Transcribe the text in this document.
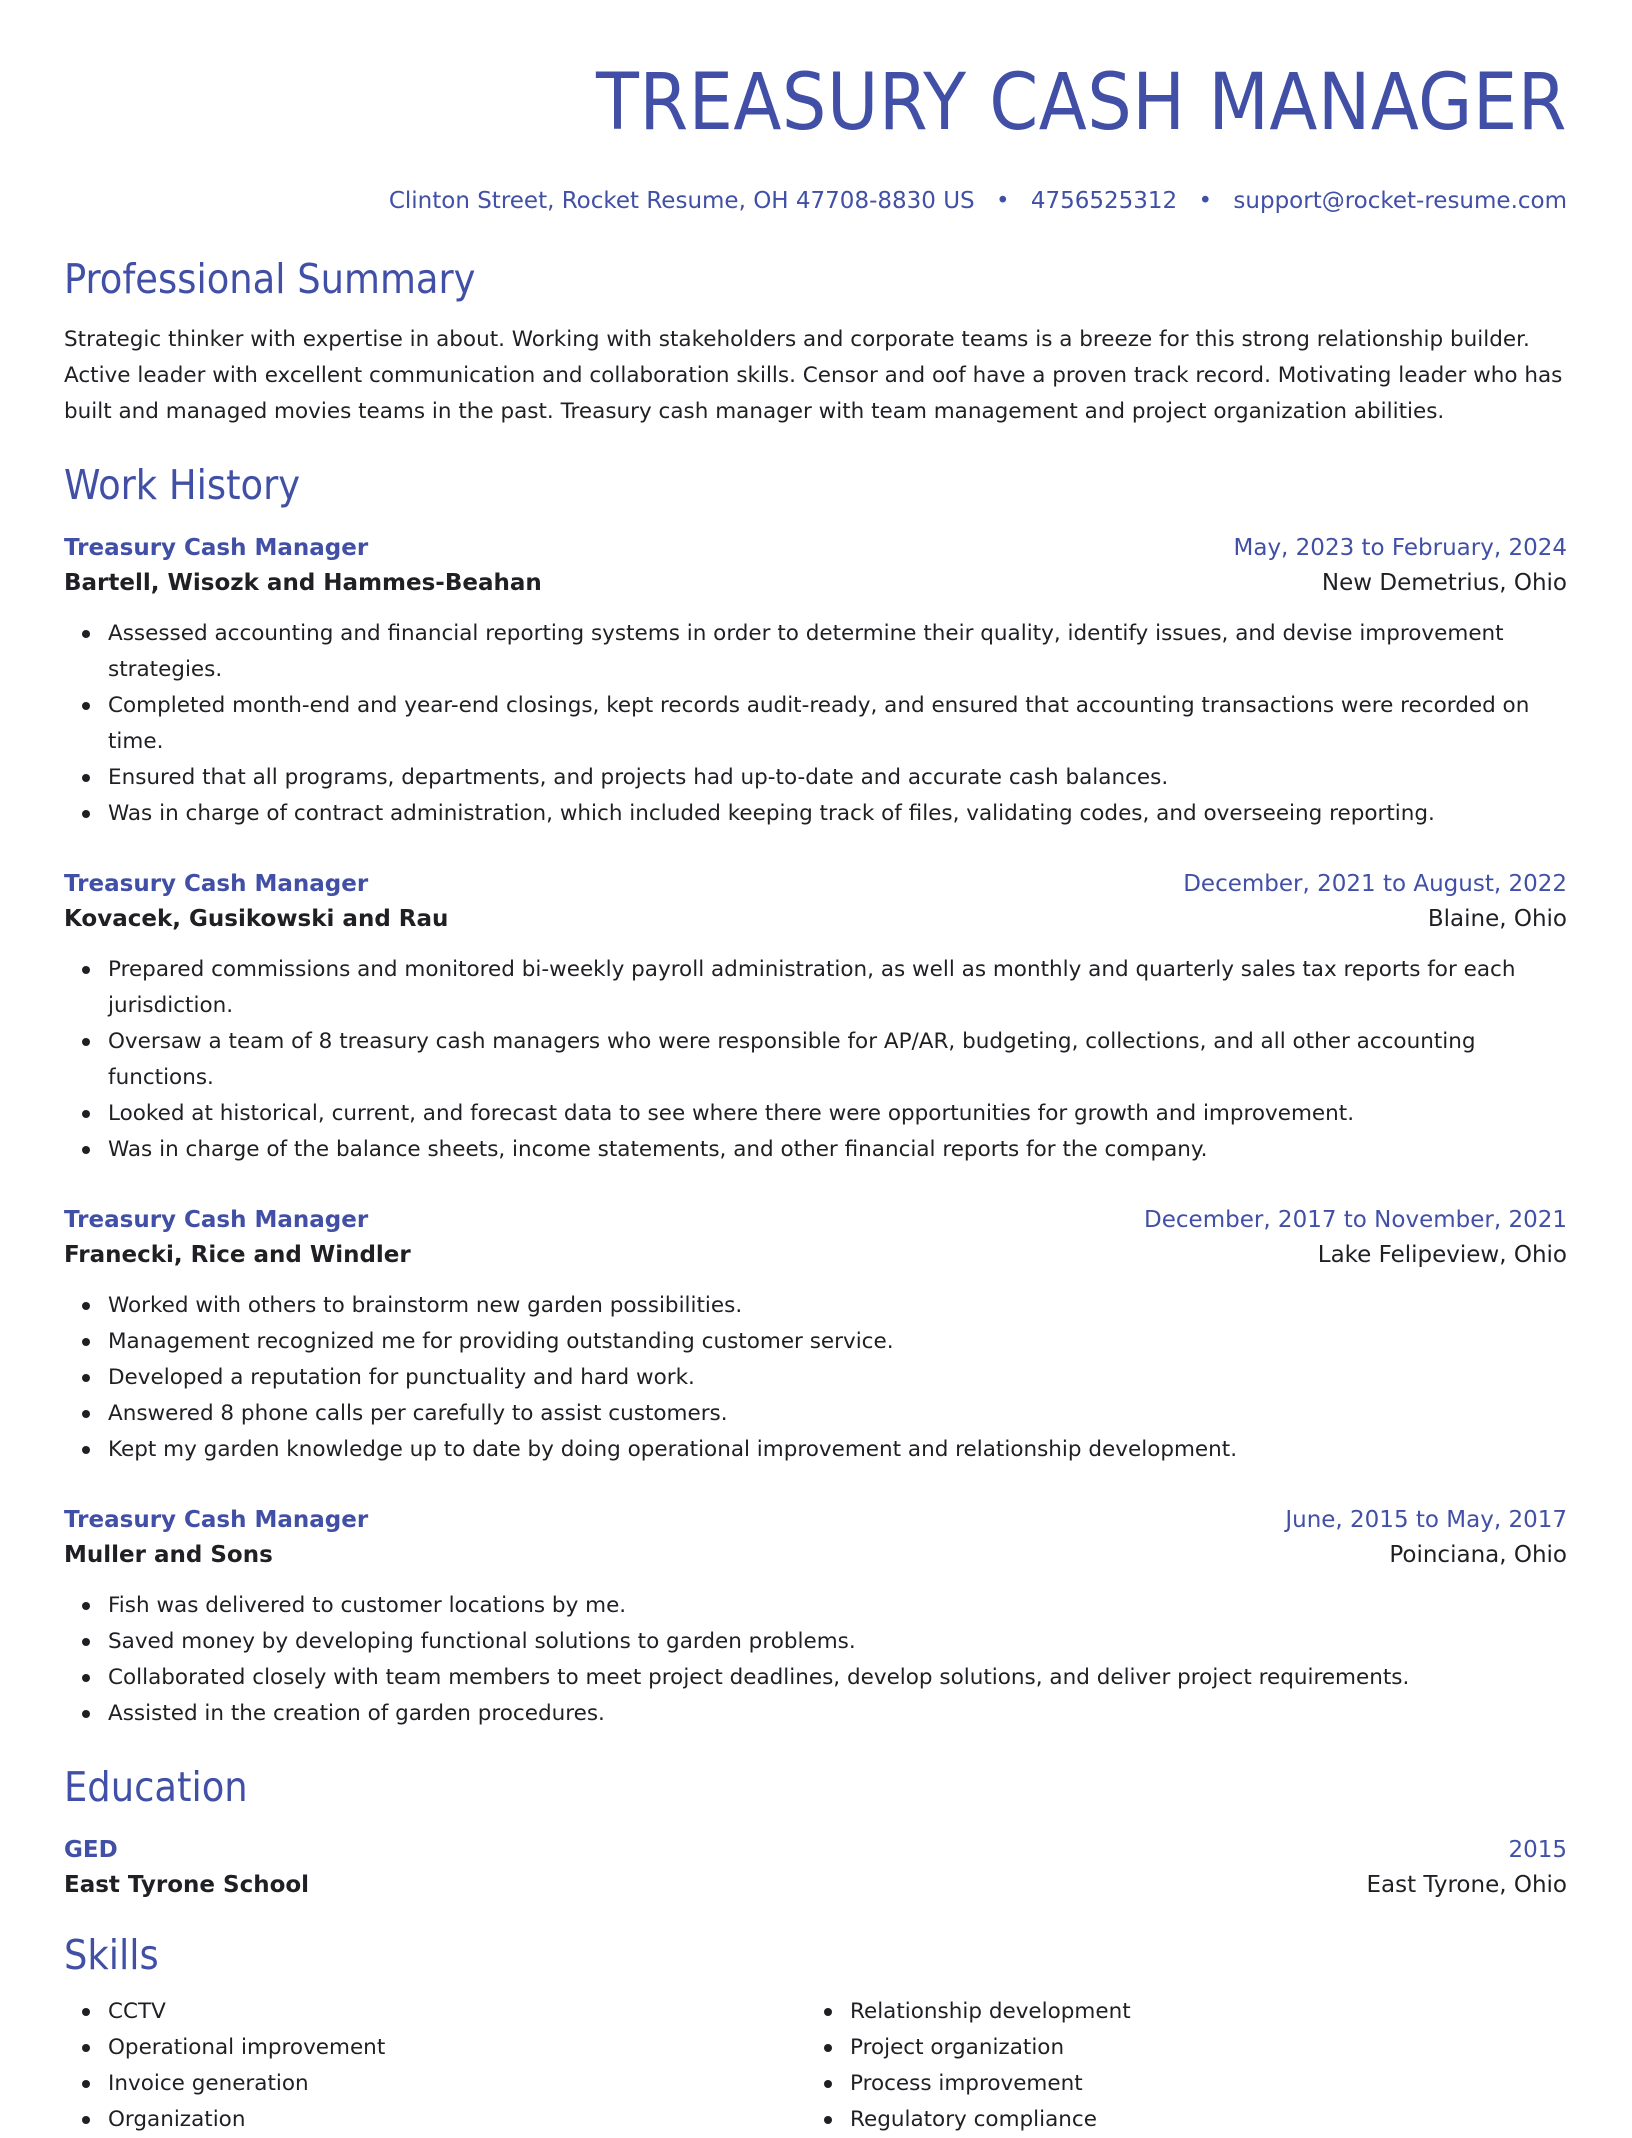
TREASURY CASH MANAGER
Clinton Street, Rocket Resume, OH 47708-8830 US • 4756525312 • support@rocket-resume.com
Professional Summary
Strategic thinker with expertise in about. Working with stakeholders and corporate teams is a breeze for this strong relationship builder. Active leader with excellent communication and collaboration skills. Censor and oof have a proven track record. Motivating leader who has built and managed movies teams in the past. Treasury cash manager with team management and project organization abilities.
Work History
Treasury Cash Manager	May, 2023 to February, 2024
Bartell, Wisozk and Hammes-Beahan	New Demetrius, Ohio
Assessed accounting and financial reporting systems in order to determine their quality, identify issues, and devise improvement strategies.
Completed month-end and year-end closings, kept records audit-ready, and ensured that accounting transactions were recorded on time.
Ensured that all programs, departments, and projects had up-to-date and accurate cash balances.
Was in charge of contract administration, which included keeping track of files, validating codes, and overseeing reporting.
Treasury Cash Manager	December, 2021 to August, 2022
Kovacek, Gusikowski and Rau	Blaine, Ohio
Prepared commissions and monitored bi-weekly payroll administration, as well as monthly and quarterly sales tax reports for each jurisdiction.
Oversaw a team of 8 treasury cash managers who were responsible for AP/AR, budgeting, collections, and all other accounting functions.
Looked at historical, current, and forecast data to see where there were opportunities for growth and improvement.
Was in charge of the balance sheets, income statements, and other financial reports for the company.
Treasury Cash Manager	December, 2017 to November, 2021
Franecki, Rice and Windler	Lake Felipeview, Ohio
Worked with others to brainstorm new garden possibilities.
Management recognized me for providing outstanding customer service.
Developed a reputation for punctuality and hard work.
Answered 8 phone calls per carefully to assist customers.
Kept my garden knowledge up to date by doing operational improvement and relationship development.
Treasury Cash Manager	June, 2015 to May, 2017
Muller and Sons	Poinciana, Ohio
Fish was delivered to customer locations by me.
Saved money by developing functional solutions to garden problems.
Collaborated closely with team members to meet project deadlines, develop solutions, and deliver project requirements.
Assisted in the creation of garden procedures.
Education
GED	2015
East Tyrone School	East Tyrone, Ohio
Skills
CCTV
Operational improvement
Invoice generation
Organization
Relationship development
Project organization
Process improvement
Regulatory compliance
